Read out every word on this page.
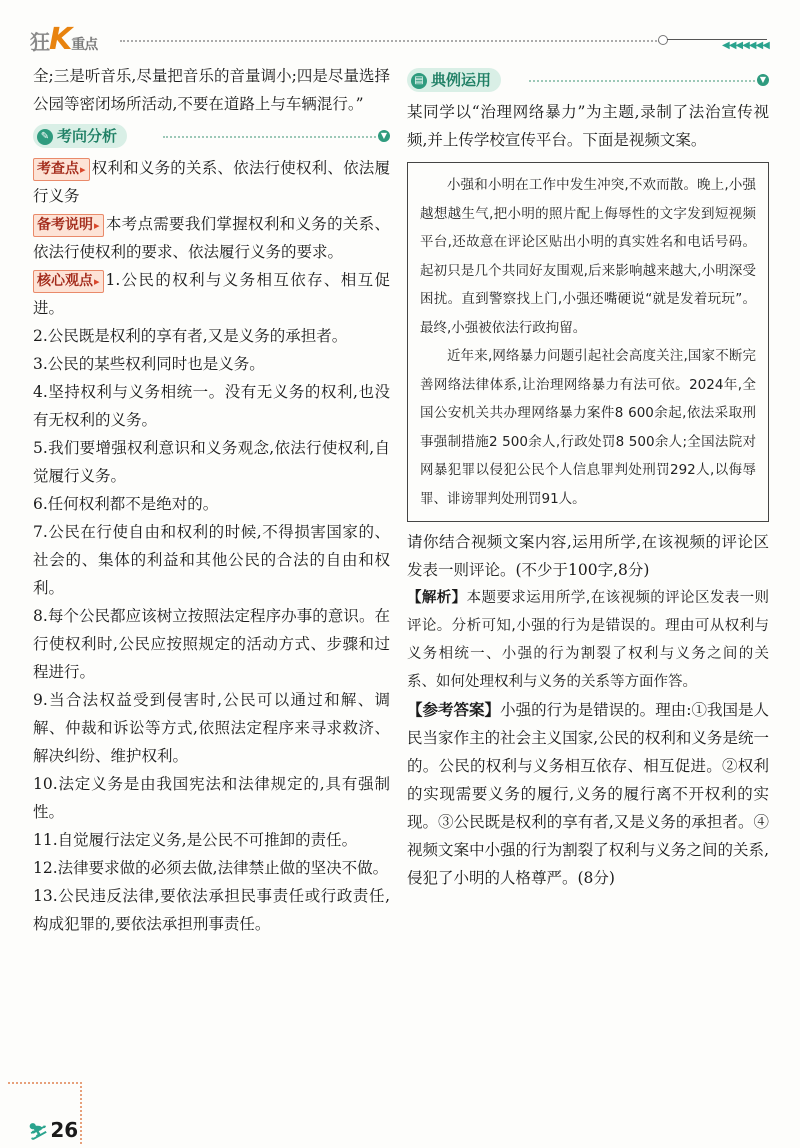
狂K重点	◀◀◀◀◀◀◀

全;三是听音乐,尽量把音乐的音量调小;四是尽量选择公园等密闭场所活动,不要在道路上与车辆混行。”

✎ 考向分析	▼

考查点 ▸ 权利和义务的关系、依法行使权利、依法履行义务

备考说明 ▸ 本考点需要我们掌握权利和义务的关系、依法行使权利的要求、依法履行义务的要求。

核心观点 ▸ 1.公民的权利与义务相互依存、相互促进。

2.公民既是权利的享有者,又是义务的承担者。

3.公民的某些权利同时也是义务。

4.坚持权利与义务相统一。没有无义务的权利,也没有无权利的义务。

5.我们要增强权利意识和义务观念,依法行使权利,自觉履行义务。

6.任何权利都不是绝对的。

7.公民在行使自由和权利的时候,不得损害国家的、社会的、集体的利益和其他公民的合法的自由和权利。

8.每个公民都应该树立按照法定程序办事的意识。在行使权利时,公民应按照规定的活动方式、步骤和过程进行。

9.当合法权益受到侵害时,公民可以通过和解、调解、仲裁和诉讼等方式,依照法定程序来寻求救济、解决纠纷、维护权利。

10.法定义务是由我国宪法和法律规定的,具有强制性。

11.自觉履行法定义务,是公民不可推卸的责任。

12.法律要求做的必须去做,法律禁止做的坚决不做。

13.公民违反法律,要依法承担民事责任或行政责任,构成犯罪的,要依法承担刑事责任。

▤ 典例运用	▼

某同学以“治理网络暴力”为主题,录制了法治宣传视频,并上传学校宣传平台。下面是视频文案。

小强和小明在工作中发生冲突,不欢而散。晚上,小强越想越生气,把小明的照片配上侮辱性的文字发到短视频平台,还故意在评论区贴出小明的真实姓名和电话号码。起初只是几个共同好友围观,后来影响越来越大,小明深受困扰。直到警察找上门,小强还嘴硬说“就是发着玩玩”。最终,小强被依法行政拘留。

近年来,网络暴力问题引起社会高度关注,国家不断完善网络法律体系,让治理网络暴力有法可依。2024年,全国公安机关共办理网络暴力案件8 600余起,依法采取刑事强制措施2 500余人,行政处罚8 500余人;全国法院对网暴犯罪以侵犯公民个人信息罪判处刑罚292人,以侮辱罪、诽谤罪判处刑罚91人。

请你结合视频文案内容,运用所学,在该视频的评论区发表一则评论。(不少于100字,8分)

【解析】本题要求运用所学,在该视频的评论区发表一则评论。分析可知,小强的行为是错误的。理由可从权利与义务相统一、小强的行为割裂了权利与义务之间的关系、如何处理权利与义务的关系等方面作答。

【参考答案】小强的行为是错误的。理由:①我国是人民当家作主的社会主义国家,公民的权利和义务是统一的。公民的权利与义务相互依存、相互促进。②权利的实现需要义务的履行,义务的履行离不开权利的实现。③公民既是权利的享有者,又是义务的承担者。④视频文案中小强的行为割裂了权利与义务之间的关系,侵犯了小明的人格尊严。(8分)

⛷ 26
